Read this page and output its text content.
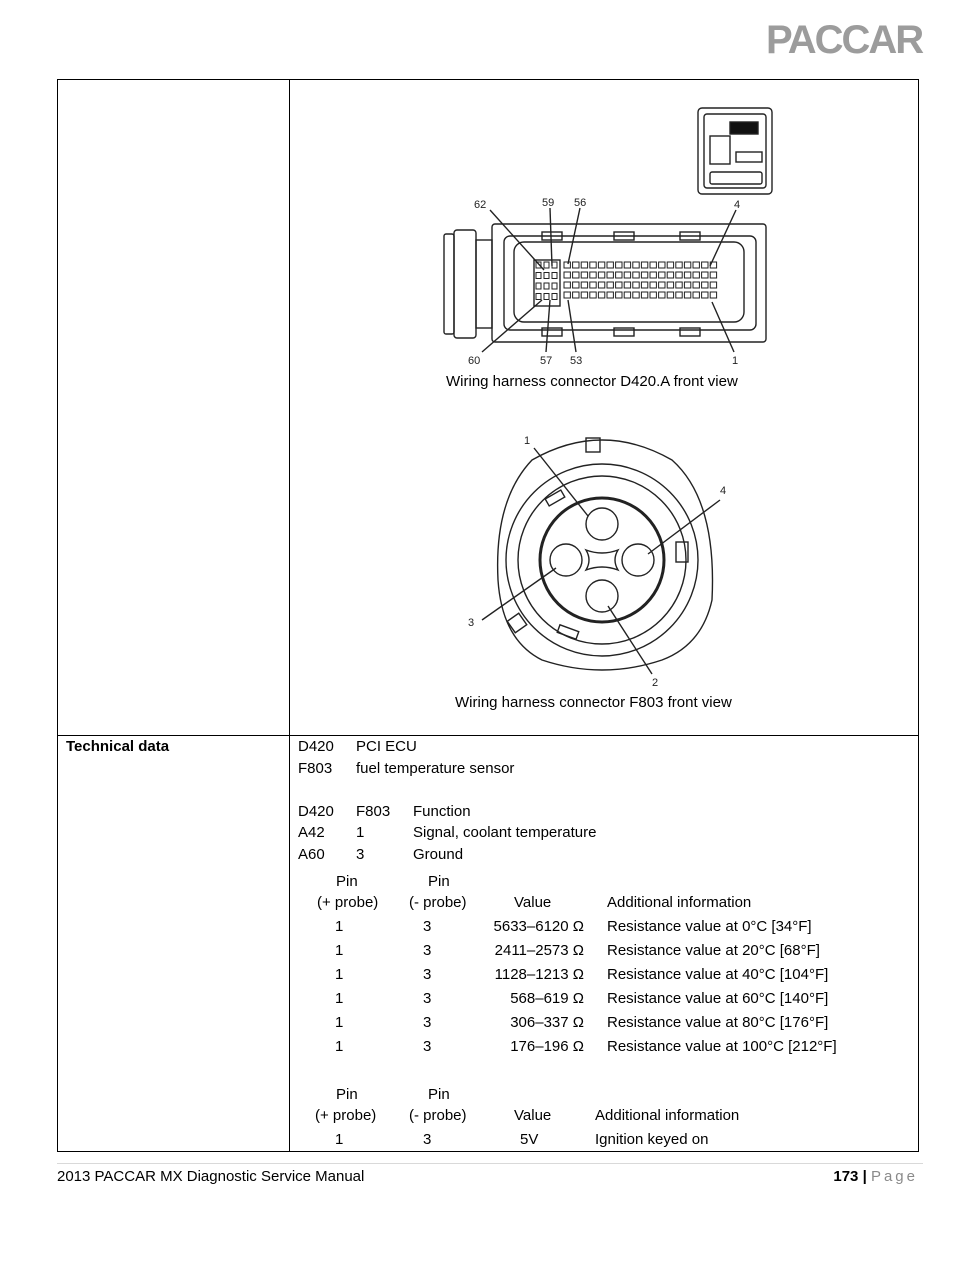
PACCAR
62	59 56	4
60	57 53	1
Wiring harness connector D420.A front view
1
4
3
2
Wiring harness connector F803 front view
Technical data	D420 PCI ECU
F803 fuel temperature sensor
D420 F803 Function
A42 1	Signal, coolant temperature
A60 3	Ground
Pin	Pin
(+ probe) (- probe)	Value	Additional information
1	3	5633–6120 Ω Resistance value at 0°C [34°F]
1	3	2411–2573 Ω Resistance value at 20°C [68°F]
1	3	1128–1213 Ω Resistance value at 40°C [104°F]
1	3	568–619 Ω Resistance value at 60°C [140°F]
1	3	306–337 Ω Resistance value at 80°C [176°F]
1	3	176–196 Ω Resistance value at 100°C [212°F]
Pin	Pin
(+ probe) (- probe)	Value	Additional information
1	3	5V	Ignition keyed on
2013 PACCAR MX Diagnostic Service Manual	173 | Page
